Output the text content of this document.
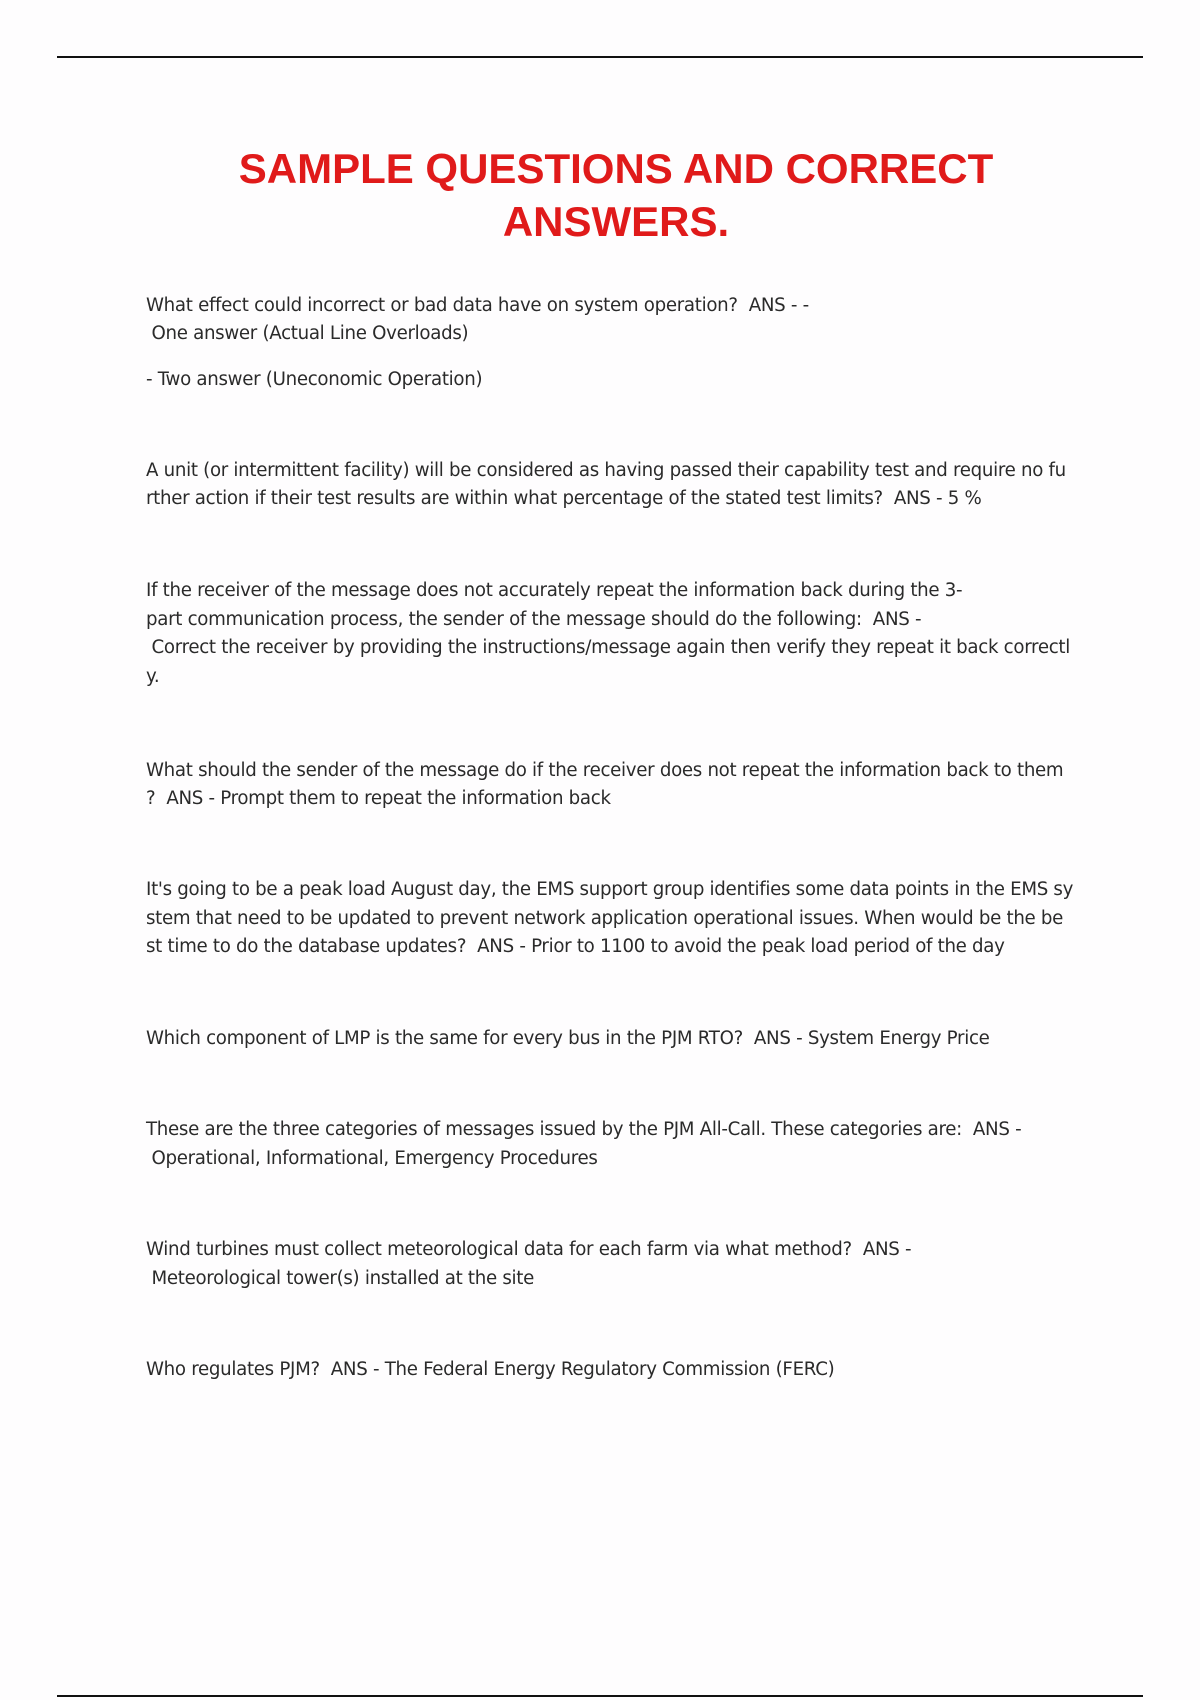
SAMPLE QUESTIONS AND CORRECT
ANSWERS.
What effect could incorrect or bad data have on system operation?  ANS - -
One answer (Actual Line Overloads)
- Two answer (Uneconomic Operation)
A unit (or intermittent facility) will be considered as having passed their capability test and require no fu
rther action if their test results are within what percentage of the stated test limits?  ANS - 5 %
If the receiver of the message does not accurately repeat the information back during the 3-
part communication process, the sender of the message should do the following:  ANS -
Correct the receiver by providing the instructions/message again then verify they repeat it back correctl
y.
What should the sender of the message do if the receiver does not repeat the information back to them
?  ANS - Prompt them to repeat the information back
It's going to be a peak load August day, the EMS support group identifies some data points in the EMS sy
stem that need to be updated to prevent network application operational issues. When would be the be
st time to do the database updates?  ANS - Prior to 1100 to avoid the peak load period of the day
Which component of LMP is the same for every bus in the PJM RTO?  ANS - System Energy Price
These are the three categories of messages issued by the PJM All-Call. These categories are:  ANS -
Operational, Informational, Emergency Procedures
Wind turbines must collect meteorological data for each farm via what method?  ANS -
Meteorological tower(s) installed at the site
Who regulates PJM?  ANS - The Federal Energy Regulatory Commission (FERC)
